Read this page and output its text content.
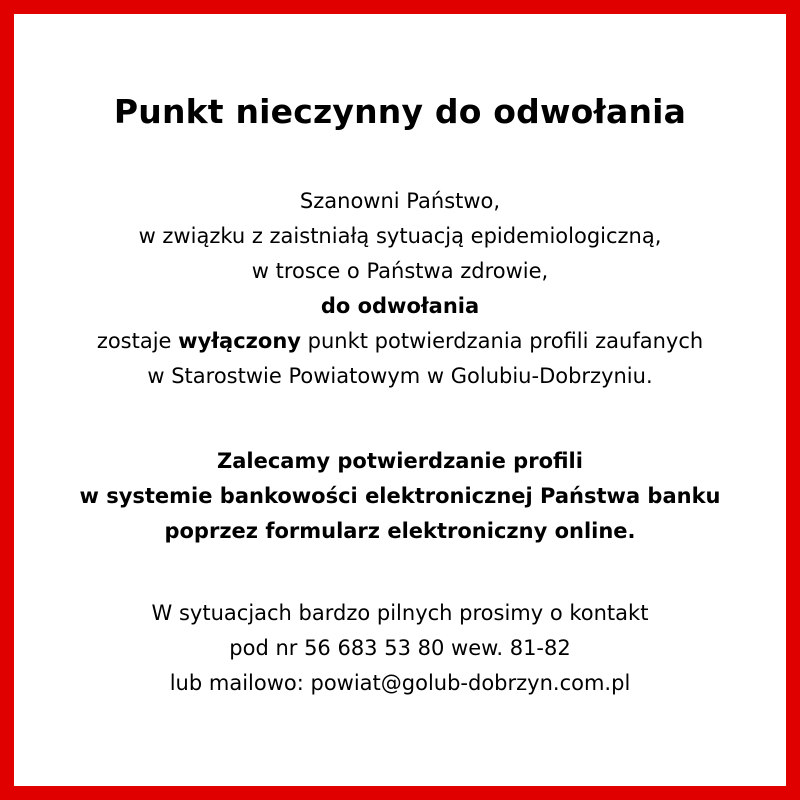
Punkt nieczynny do odwołania
Szanowni Państwo,
w związku z zaistniałą sytuacją epidemiologiczną,
w trosce o Państwa zdrowie,
do odwołania
zostaje wyłączony punkt potwierdzania profili zaufanych
w Starostwie Powiatowym w Golubiu-Dobrzyniu.
Zalecamy potwierdzanie profili
w systemie bankowości elektronicznej Państwa banku
poprzez formularz elektroniczny online.
W sytuacjach bardzo pilnych prosimy o kontakt
pod nr 56 683 53 80 wew. 81-82
lub mailowo: powiat@golub-dobrzyn.com.pl
